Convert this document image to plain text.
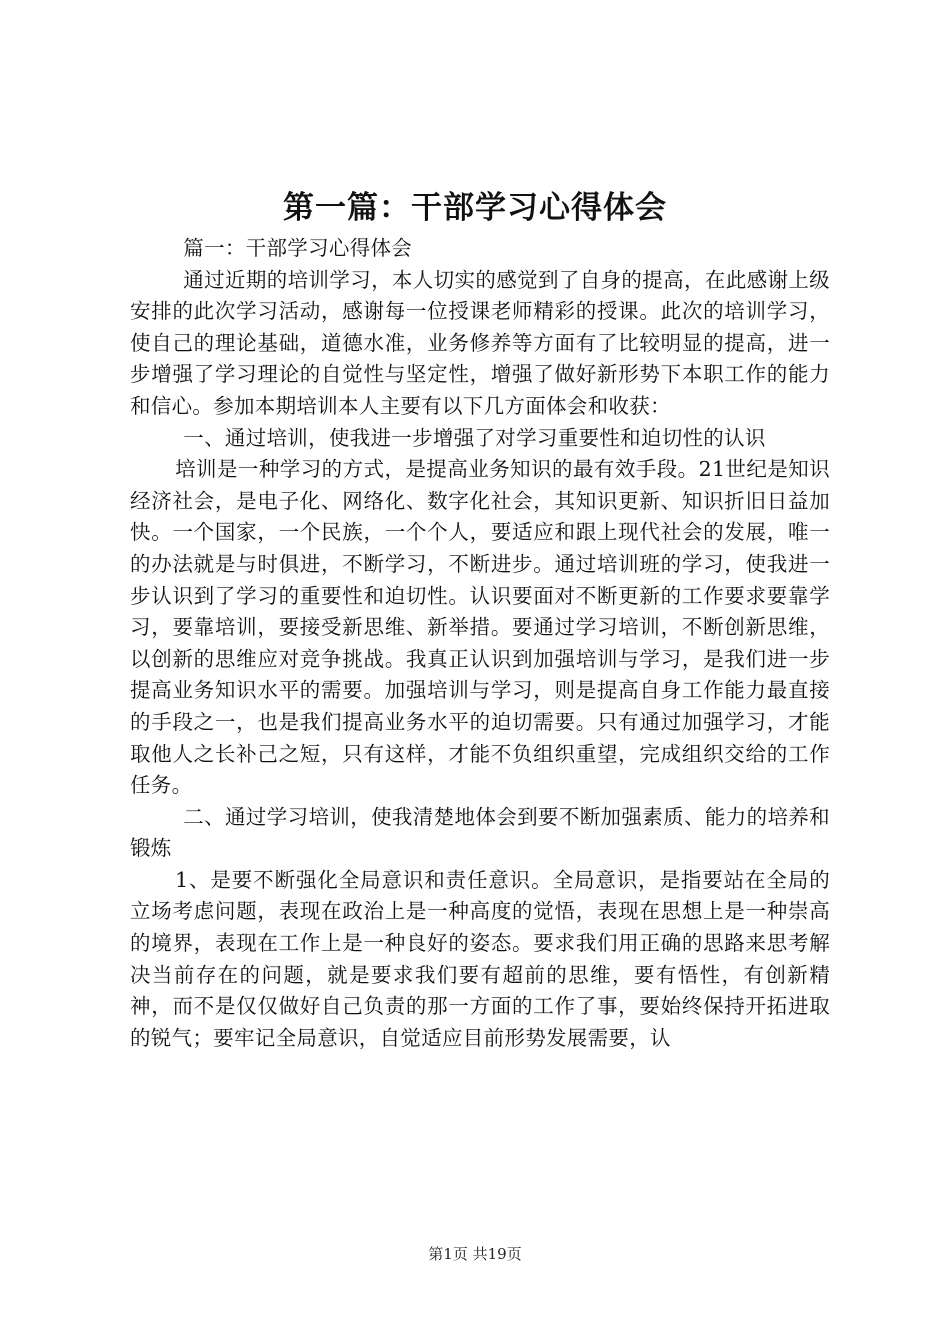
第一篇：干部学习心得体会

篇一：干部学习心得体会

通过近期的培训学习，本人切实的感觉到了自身的提高，在此感谢上级安排的此次学习活动，感谢每一位授课老师精彩的授课。此次的培训学习，使自己的理论基础，道德水准，业务修养等方面有了比较明显的提高，进一步增强了学习理论的自觉性与坚定性，增强了做好新形势下本职工作的能力和信心。参加本期培训本人主要有以下几方面体会和收获：

一、通过培训，使我进一步增强了对学习重要性和迫切性的认识

培训是一种学习的方式，是提高业务知识的最有效手段。21世纪是知识经济社会，是电子化、网络化、数字化社会，其知识更新、知识折旧日益加快。一个国家，一个民族，一个个人，要适应和跟上现代社会的发展，唯一的办法就是与时俱进，不断学习，不断进步。通过培训班的学习，使我进一步认识到了学习的重要性和迫切性。认识要面对不断更新的工作要求要靠学习，要靠培训，要接受新思维、新举措。要通过学习培训，不断创新思维，以创新的思维应对竞争挑战。我真正认识到加强培训与学习，是我们进一步提高业务知识水平的需要。加强培训与学习，则是提高自身工作能力最直接的手段之一，也是我们提高业务水平的迫切需要。只有通过加强学习，才能取他人之长补己之短，只有这样，才能不负组织重望，完成组织交给的工作任务。

二、通过学习培训，使我清楚地体会到要不断加强素质、能力的培养和锻炼

1、是要不断强化全局意识和责任意识。全局意识，是指要站在全局的立场考虑问题，表现在政治上是一种高度的觉悟，表现在思想上是一种崇高的境界，表现在工作上是一种良好的姿态。要求我们用正确的思路来思考解决当前存在的问题，就是要求我们要有超前的思维，要有悟性，有创新精神，而不是仅仅做好自己负责的那一方面的工作了事，要始终保持开拓进取的锐气；要牢记全局意识，自觉适应目前形势发展需要，认

第1页 共19页
